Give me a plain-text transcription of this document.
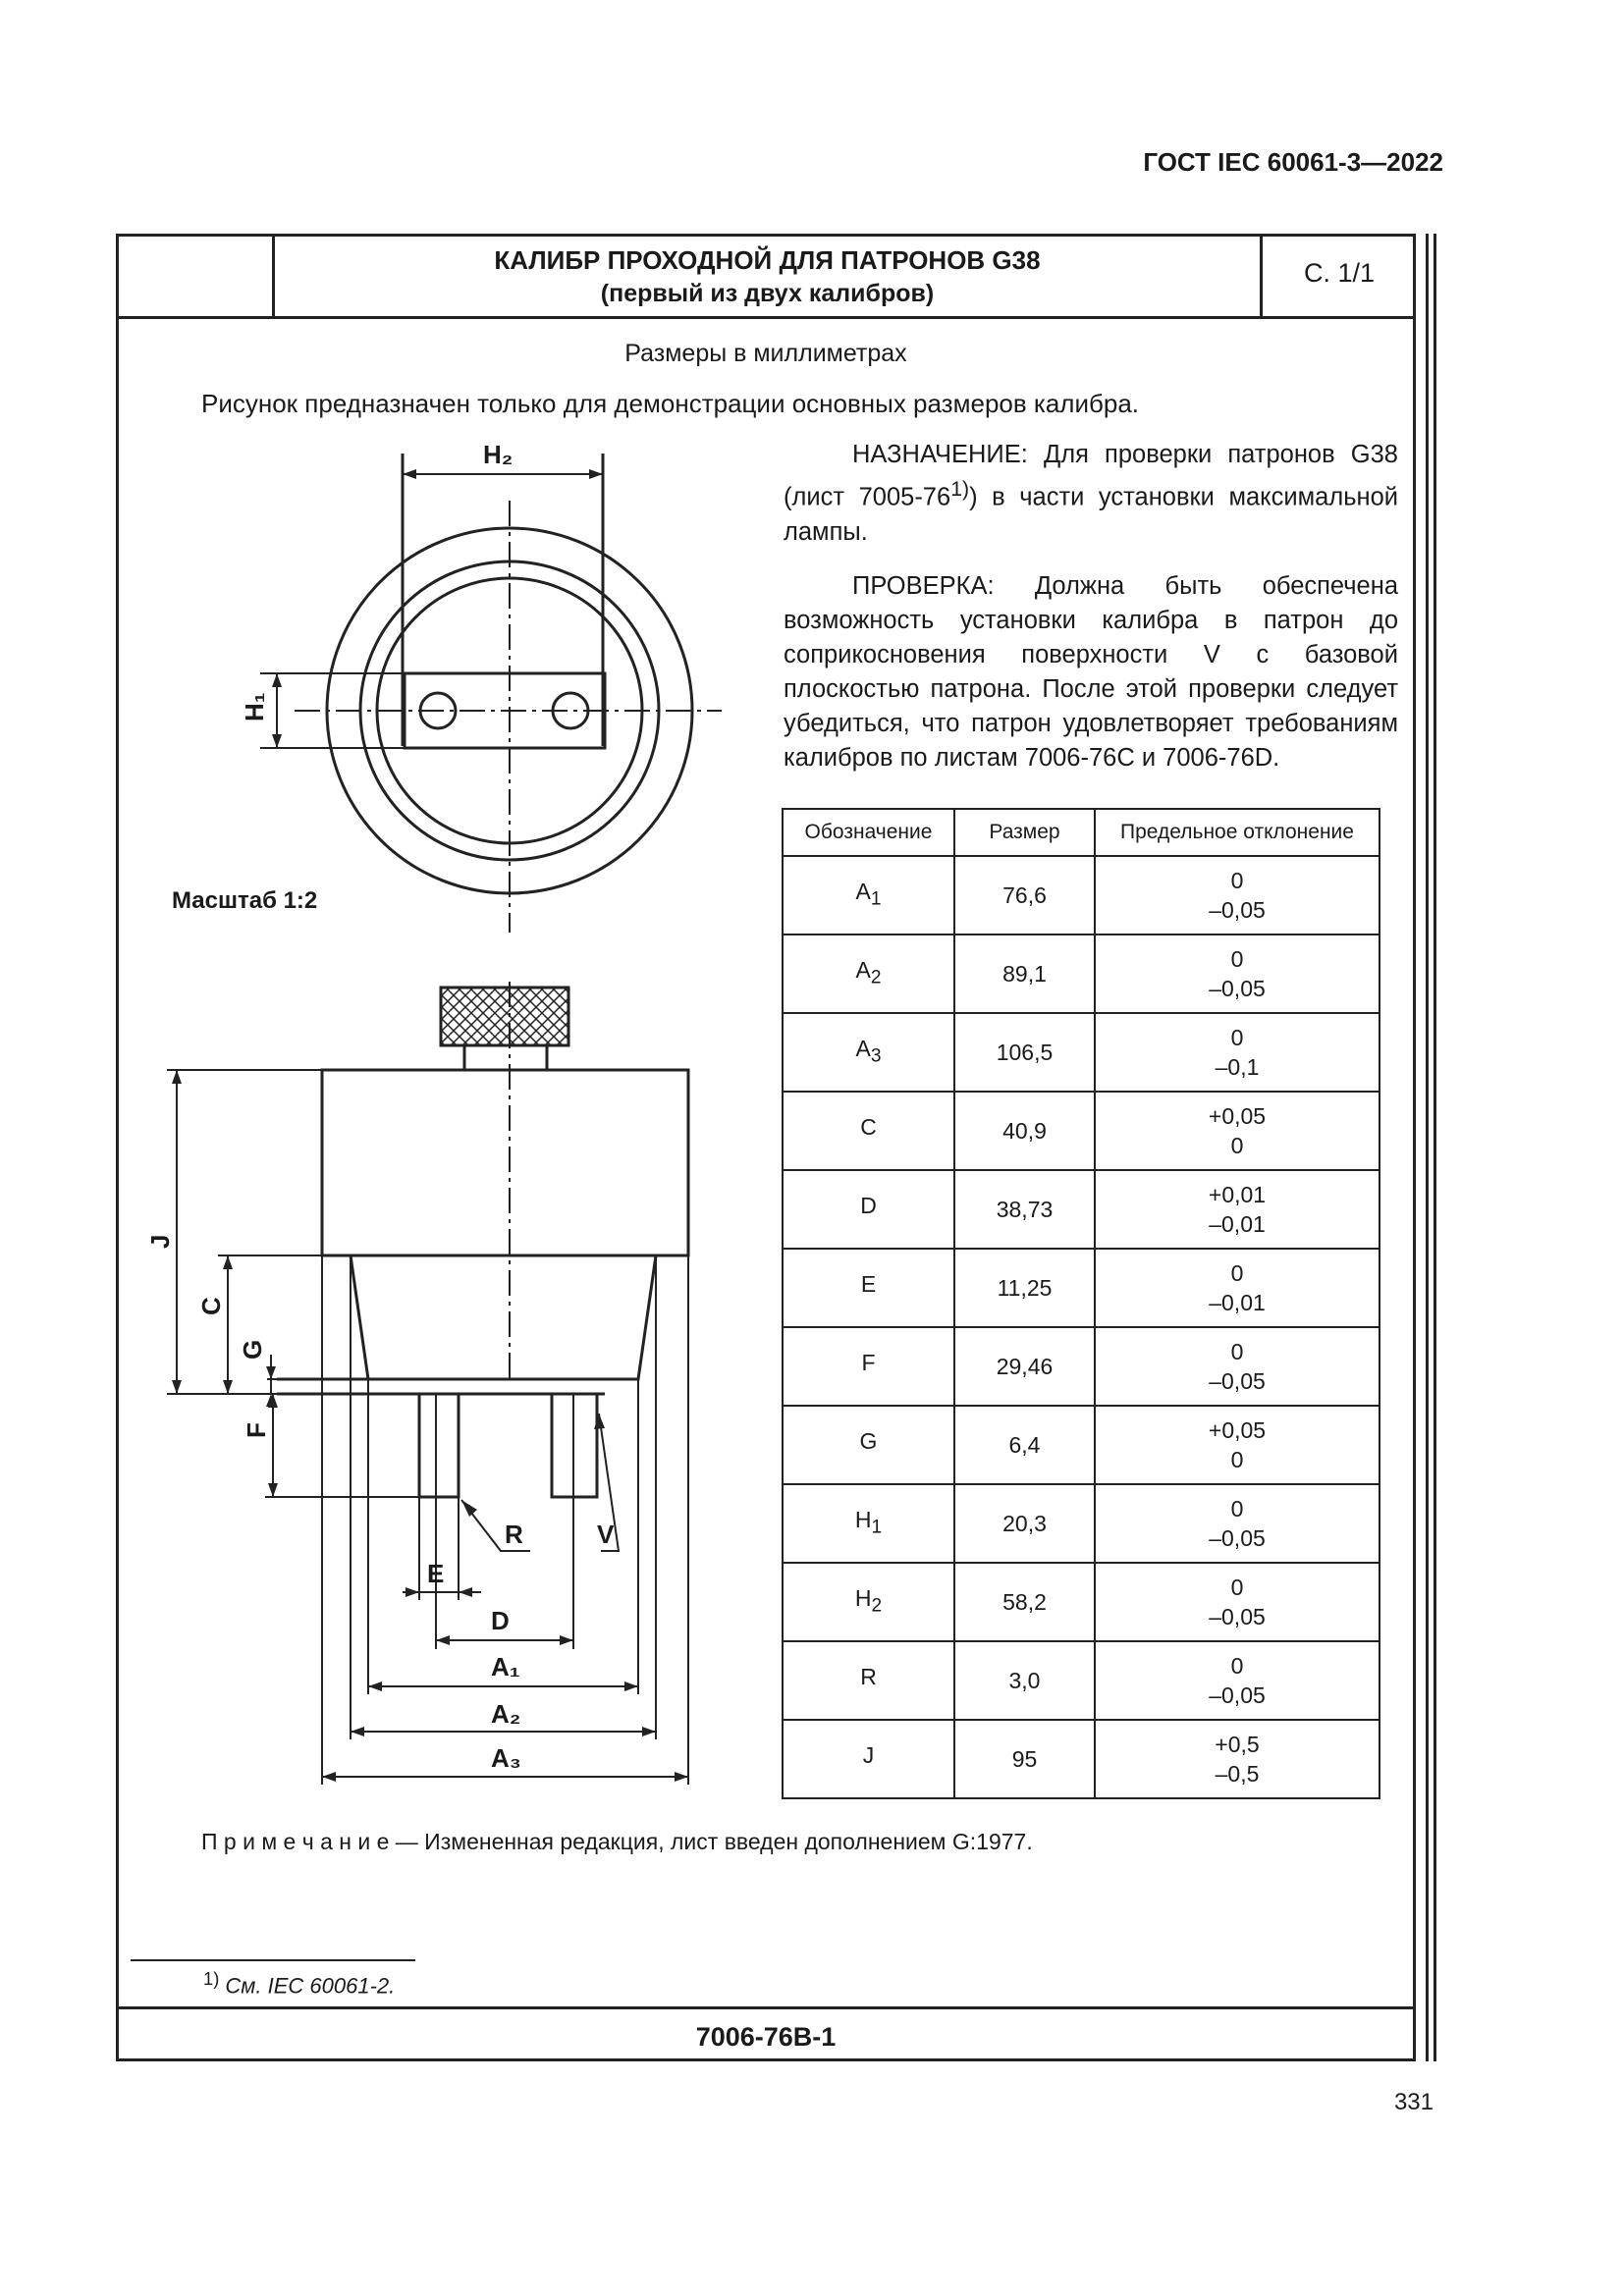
ГОСТ IEC 60061-3—2022
КАЛИБР ПРОХОДНОЙ ДЛЯ ПАТРОНОВ G38
(первый из двух калибров)
С. 1/1
Размеры в миллиметрах
Рисунок предназначен только для демонстрации основных размеров калибра.
НАЗНАЧЕНИЕ: Для проверки патронов G38 (лист 7005-76$^{1)}$) в части установки максимальной лампы.
ПРОВЕРКА: Должна быть обеспечена возможность установки калибра в патрон до соприкосновения поверхности V с базовой плоскостью патрона. После этой проверки следует убедиться, что патрон удовлетворяет требованиям калибров по листам 7006-76C и 7006-76D.
Масштаб 1:2
H₂
H₁
J
C
G
F
R	V
E
D
A₁
A₂
A₃
Обозначение	Размер	Предельное отклонение
$A_1$	76,6	0
–0,05

$A_2$	89,1	0
–0,05

$A_3$	106,5	0
–0,1

C	40,9	+0,05
0

D	38,73	+0,01
–0,01

E	11,25	0
–0,01

F	29,46	0
–0,05

G	6,4	+0,05
0

$H_1$	20,3	0
–0,05

$H_2$	58,2	0
–0,05

R	3,0	0
–0,05

J	95	+0,5
–0,5
П р и м е ч а н и е — Измененная редакция, лист введен дополнением G:1977.
$^{1)}$ См. IEC 60061-2.
7006-76B-1
331
